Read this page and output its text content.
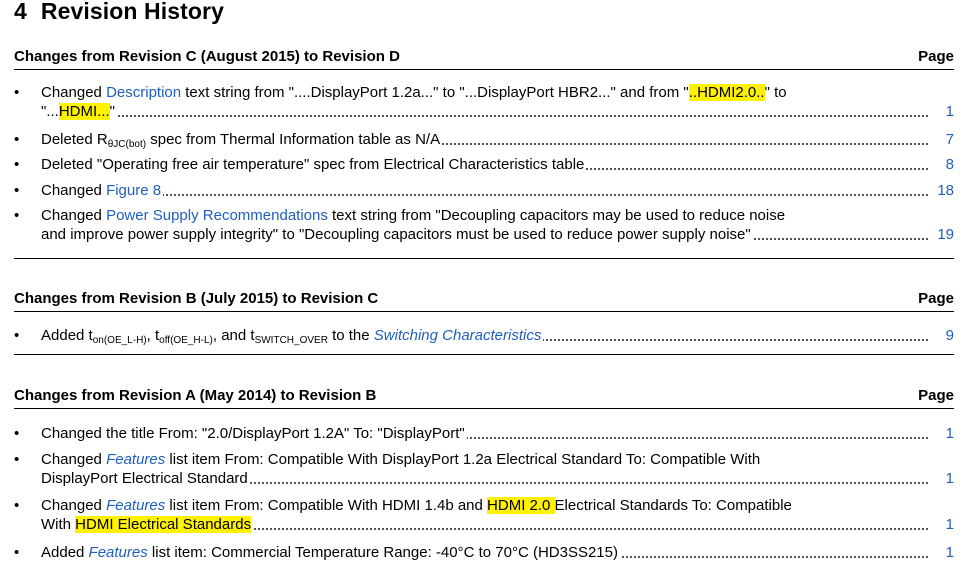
4 Revision History
Changes from Revision C (August 2015) to Revision D	Page
•	Changed Description text string from "....DisplayPort 1.2a..." to "...DisplayPort HBR2..." and from "..HDMI2.0.." to
"...HDMI..."	1
•	Deleted $R_{\theta JC(bot)}$ spec from Thermal Information table as N/A	7
•	Deleted "Operating free air temperature" spec from Electrical Characteristics table	8
•	Changed Figure 8	18
•	Changed Power Supply Recommendations text string from "Decoupling capacitors may be used to reduce noise
and improve power supply integrity" to "Decoupling capacitors must be used to reduce power supply noise"	19
Changes from Revision B (July 2015) to Revision C	Page
•	Added $t_{on(OE\_L-H)}$, $t_{off(OE\_H-L)}$, and $t_{SWITCH\_OVER}$ to the Switching Characteristics	9
Changes from Revision A (May 2014) to Revision B	Page
•	Changed the title From: "2.0/DisplayPort 1.2A" To: "DisplayPort"	1
•	Changed Features list item From: Compatible With DisplayPort 1.2a Electrical Standard To: Compatible With
DisplayPort Electrical Standard	1
•	Changed Features list item From: Compatible With HDMI 1.4b and HDMI 2.0 Electrical Standards To: Compatible
With HDMI Electrical Standards	1
•	Added Features list item: Commercial Temperature Range: -40°C to 70°C (HD3SS215)	1
